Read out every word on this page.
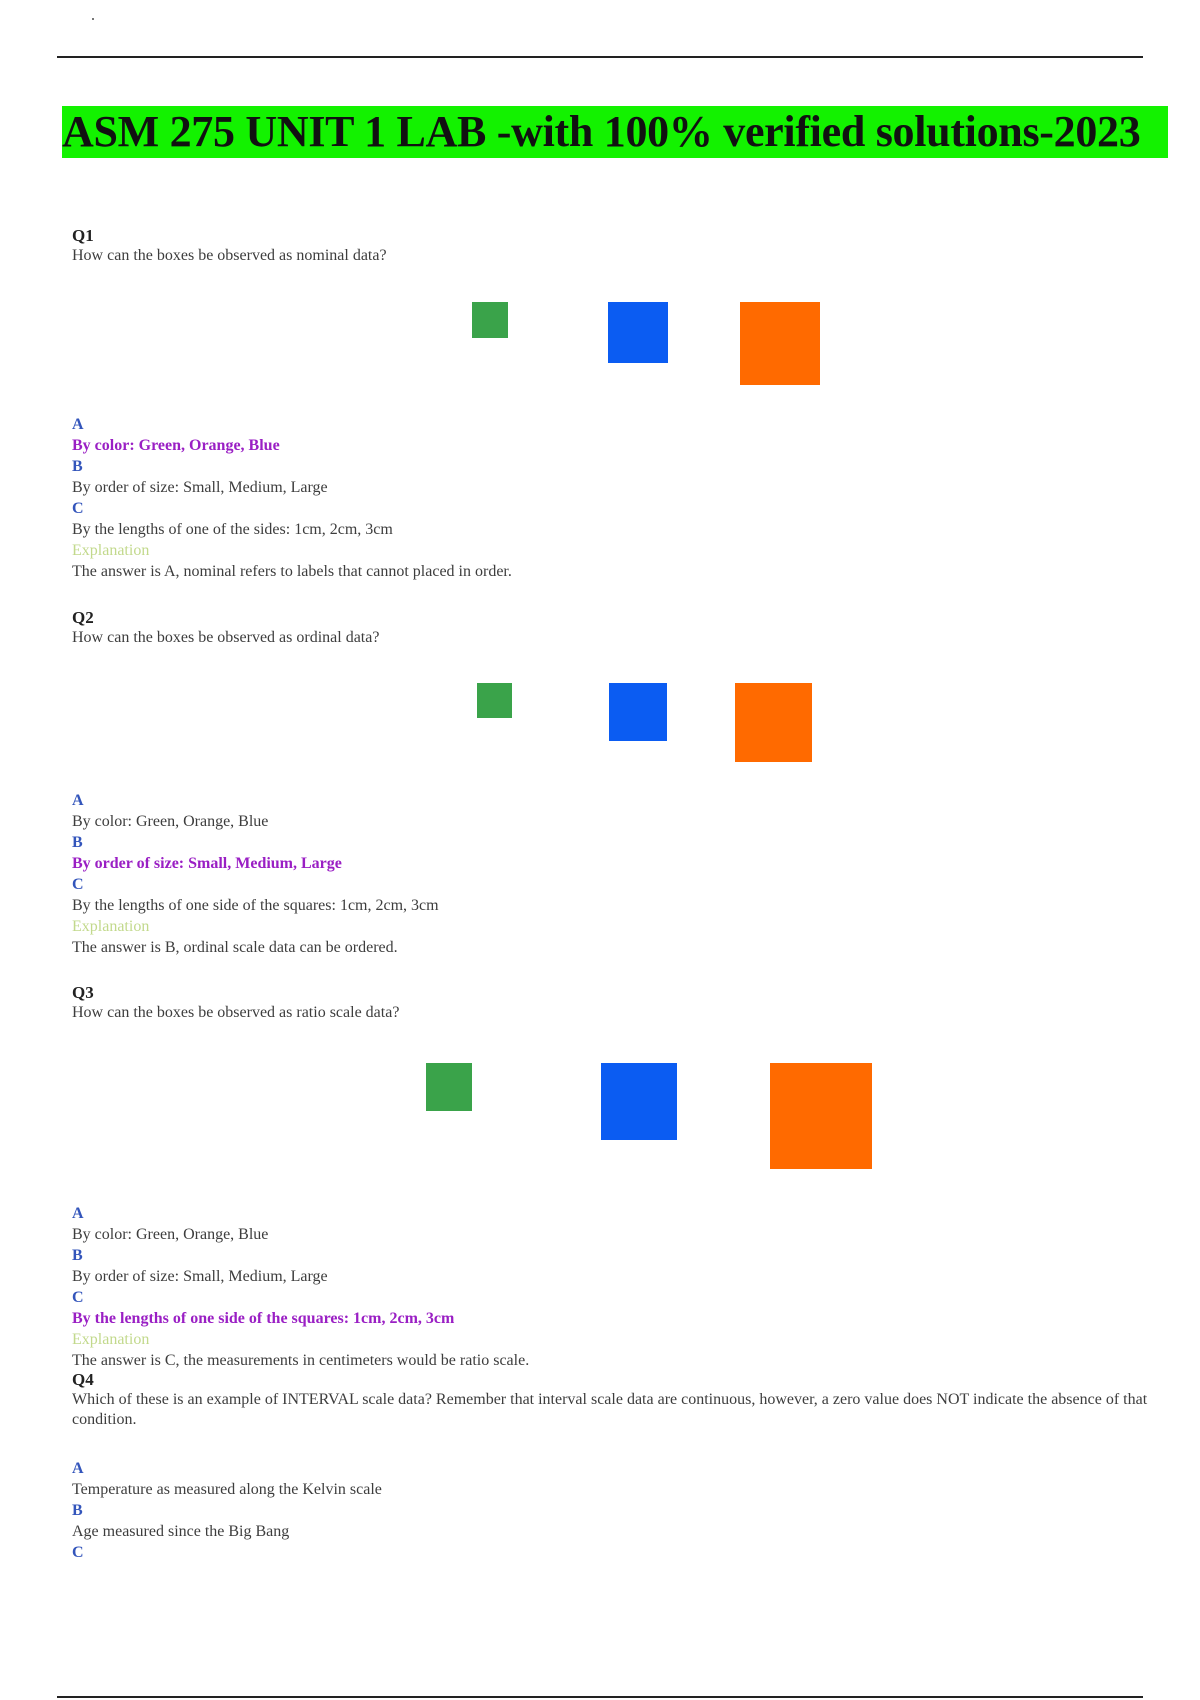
ASM 275 UNIT 1 LAB -with 100% verified solutions-2023

Q1

How can the boxes be observed as nominal data?

A

By color: Green, Orange, Blue

B

By order of size: Small, Medium, Large

C

By the lengths of one of the sides: 1cm, 2cm, 3cm

Explanation

The answer is A, nominal refers to labels that cannot placed in order.

Q2

How can the boxes be observed as ordinal data?

A

By color: Green, Orange, Blue

B

By order of size: Small, Medium, Large

C

By the lengths of one side of the squares: 1cm, 2cm, 3cm

Explanation

The answer is B, ordinal scale data can be ordered.

Q3

How can the boxes be observed as ratio scale data?

A

By color: Green, Orange, Blue

B

By order of size: Small, Medium, Large

C

By the lengths of one side of the squares: 1cm, 2cm, 3cm

Explanation

The answer is C, the measurements in centimeters would be ratio scale.

Q4

Which of these is an example of INTERVAL scale data? Remember that interval scale data are continuous, however, a zero value does NOT indicate the absence of that condition.

A

Temperature as measured along the Kelvin scale

B

Age measured since the Big Bang

C
